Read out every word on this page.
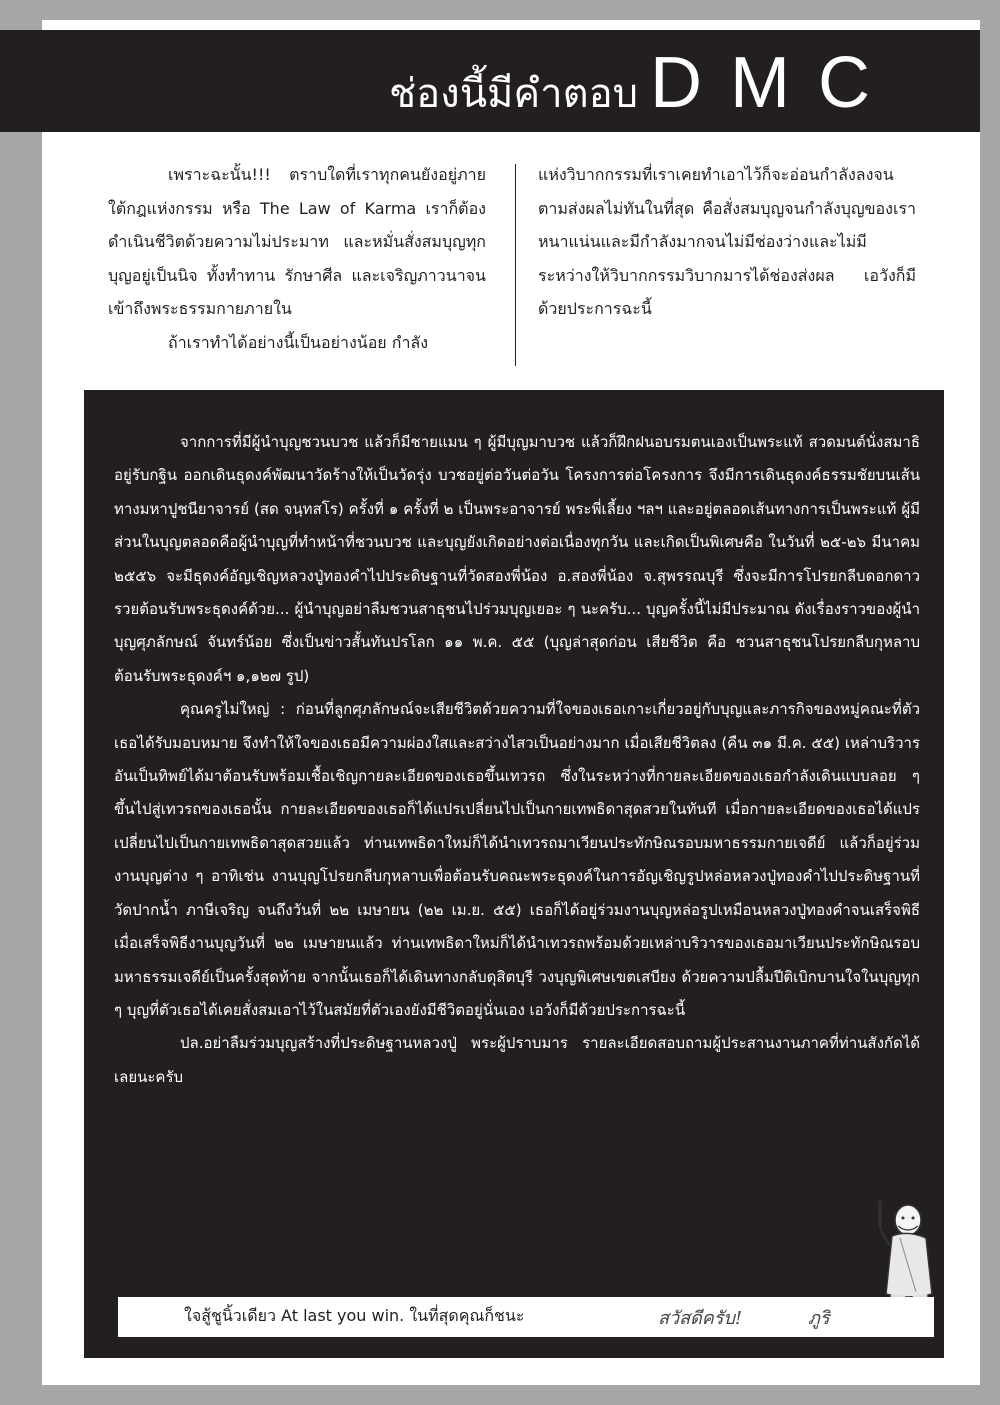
ช่องนี้มีคำตอบ DMC

เพราะฉะนั้น!!! ตราบใดที่เราทุกคนยังอยู่ภายใต้กฎแห่งกรรม หรือ The Law of Karma เราก็ต้องดำเนินชีวิตด้วยความไม่ประมาท และหมั่นสั่งสมบุญทุกบุญอยู่เป็นนิจ ทั้งทำทาน รักษาศีล และเจริญภาวนาจนเข้าถึงพระธรรมกายภายใน

ถ้าเราทำได้อย่างนี้เป็นอย่างน้อย กำลัง

แห่งวิบากกรรมที่เราเคยทำเอาไว้ก็จะอ่อนกำลังลงจนตามส่งผลไม่ทันในที่สุด คือสั่งสมบุญจนกำลังบุญของเราหนาแน่นและมีกำลังมากจนไม่มีช่องว่างและไม่มีระหว่างให้วิบากกรรมวิบากมารได้ช่องส่งผล เอวังก็มีด้วยประการฉะนี้

จากการที่มีผู้นำบุญชวนบวช แล้วก็มีชายแมน ๆ ผู้มีบุญมาบวช แล้วก็ฝึกฝนอบรมตนเองเป็นพระแท้ สวดมนต์นั่งสมาธิ อยู่รับกฐิน ออกเดินธุดงค์พัฒนาวัดร้างให้เป็นวัดรุ่ง บวชอยู่ต่อวันต่อวัน โครงการต่อโครงการ จึงมีการเดินธุดงค์ธรรมชัยบนเส้นทางมหาปูชนียาจารย์ (สด จนฺทสโร) ครั้งที่ ๑ ครั้งที่ ๒ เป็นพระอาจารย์ พระพี่เลี้ยง ฯลฯ และอยู่ตลอดเส้นทางการเป็นพระแท้ ผู้มีส่วนในบุญตลอดคือผู้นำบุญที่ทำหน้าที่ชวนบวช และบุญยังเกิดอย่างต่อเนื่องทุกวัน และเกิดเป็นพิเศษคือ ในวันที่ ๒๕-๒๖ มีนาคม ๒๕๕๖ จะมีธุดงค์อัญเชิญหลวงปู่ทองคำไปประดิษฐานที่วัดสองพี่น้อง อ.สองพี่น้อง จ.สุพรรณบุรี ซึ่งจะมีการโปรยกลีบดอกดาวรวยต้อนรับพระธุดงค์ด้วย... ผู้นำบุญอย่าลืมชวนสาธุชนไปร่วมบุญเยอะ ๆ นะครับ... บุญครั้งนี้ไม่มีประมาณ ดังเรื่องราวของผู้นำบุญศุภลักษณ์ จันทร์น้อย ซึ่งเป็นข่าวสั้นทันปรโลก ๑๑ พ.ค. ๕๕ (บุญล่าสุดก่อน เสียชีวิต คือ ชวนสาธุชนโปรยกลีบกุหลาบต้อนรับพระธุดงค์ฯ ๑,๑๒๗ รูป)

คุณครูไม่ใหญ่ : ก่อนที่ลูกศุภลักษณ์จะเสียชีวิตด้วยความที่ใจของเธอเกาะเกี่ยวอยู่กับบุญและภารกิจของหมู่คณะที่ตัวเธอได้รับมอบหมาย จึงทำให้ใจของเธอมีความผ่องใสและสว่างไสวเป็นอย่างมาก เมื่อเสียชีวิตลง (คืน ๓๑ มี.ค. ๕๕) เหล่าบริวารอันเป็นทิพย์ได้มาต้อนรับพร้อมเชื้อเชิญกายละเอียดของเธอขึ้นเทวรถ ซึ่งในระหว่างที่กายละเอียดของเธอกำลังเดินแบบลอย ๆ ขึ้นไปสู่เทวรถของเธอนั้น กายละเอียดของเธอก็ได้แปรเปลี่ยนไปเป็นกายเทพธิดาสุดสวยในทันที เมื่อกายละเอียดของเธอได้แปรเปลี่ยนไปเป็นกายเทพธิดาสุดสวยแล้ว ท่านเทพธิดาใหม่ก็ได้นำเทวรถมาเวียนประทักษิณรอบมหาธรรมกายเจดีย์ แล้วก็อยู่ร่วมงานบุญต่าง ๆ อาทิเช่น งานบุญโปรยกลีบกุหลาบเพื่อต้อนรับคณะพระธุดงค์ในการอัญเชิญรูปหล่อหลวงปู่ทองคำไปประดิษฐานที่วัดปากน้ำ ภาษีเจริญ จนถึงวันที่ ๒๒ เมษายน (๒๒ เม.ย. ๕๕) เธอก็ได้อยู่ร่วมงานบุญหล่อรูปเหมือนหลวงปู่ทองคำจนเสร็จพิธี เมื่อเสร็จพิธีงานบุญวันที่ ๒๒ เมษายนแล้ว ท่านเทพธิดาใหม่ก็ได้นำเทวรถพร้อมด้วยเหล่าบริวารของเธอมาเวียนประทักษิณรอบมหาธรรมเจดีย์เป็นครั้งสุดท้าย จากนั้นเธอก็ได้เดินทางกลับดุสิตบุรี วงบุญพิเศษเขตเสบียง ด้วยความปลื้มปีติเบิกบานใจในบุญทุก ๆ บุญที่ตัวเธอได้เคยสั่งสมเอาไว้ในสมัยที่ตัวเองยังมีชีวิตอยู่นั่นเอง เอวังก็มีด้วยประการฉะนี้

ปล.อย่าลืมร่วมบุญสร้างที่ประดิษฐานหลวงปู่ พระผู้ปราบมาร รายละเอียดสอบถามผู้ประสานงานภาคที่ท่านสังกัดได้เลยนะครับ

ใจสู้ชูนิ้วเดียว At last you win. ในที่สุดคุณก็ชนะ	สวัสดีครับ!	ภูริ
